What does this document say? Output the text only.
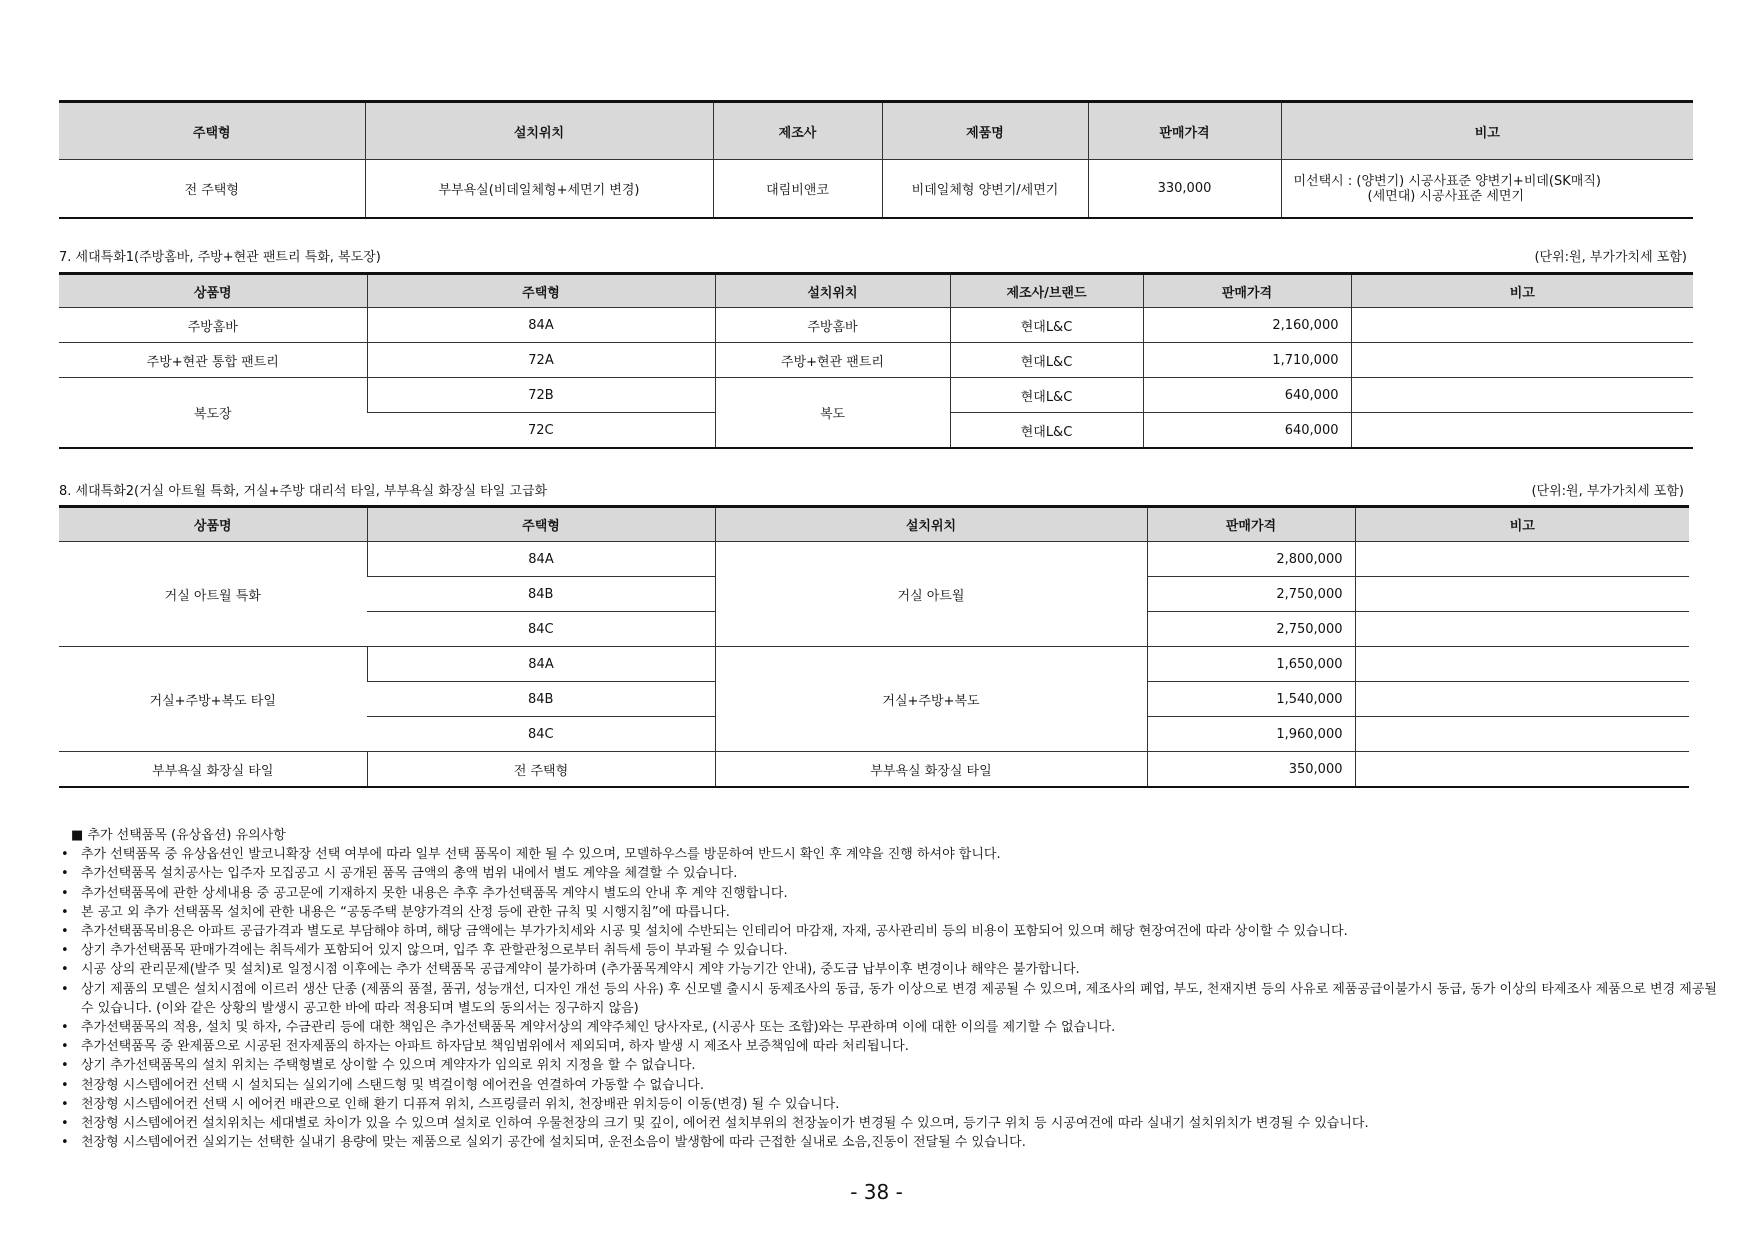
주택형	설치위치	제조사	제품명	판매가격	비고
전 주택형	부부욕실(비데일체형+세면기 변경)	대림비앤코	비데일체형 양변기/세면기	330,000	미선택시 : (양변기) 시공사표준 양변기+비데(SK매직)
(세면대) 시공사표준 세면기
7. 세대특화1(주방홈바, 주방+현관 팬트리 특화, 복도장)	(단위:원, 부가가치세 포함)
상품명	주택형	설치위치	제조사/브랜드	판매가격	비고
주방홈바	84A	주방홈바	현대L&C	2,160,000	
주방+현관 통합 팬트리	72A	주방+현관 팬트리	현대L&C	1,710,000	
복도장	72B	복도	현대L&C	640,000	
	72C		현대L&C	640,000	
8. 세대특화2(거실 아트월 특화, 거실+주방 대리석 타일, 부부욕실 화장실 타일 고급화	(단위:원, 부가가치세 포함)
상품명	주택형	설치위치	판매가격	비고
거실 아트월 특화	84A	거실 아트월	2,800,000	
	84B		2,750,000	
	84C		2,750,000	
거실+주방+복도 타일	84A	거실+주방+복도	1,650,000	
	84B		1,540,000	
	84C		1,960,000	
부부욕실 화장실 타일	전 주택형	부부욕실 화장실 타일	350,000	
■ 추가 선택품목 (유상옵션) 유의사항
• 추가 선택품목 중 유상옵션인 발코니확장 선택 여부에 따라 일부 선택 품목이 제한 될 수 있으며, 모델하우스를 방문하여 반드시 확인 후 계약을 진행 하셔야 합니다.
• 추가선택품목 설치공사는 입주자 모집공고 시 공개된 품목 금액의 총액 범위 내에서 별도 계약을 체결할 수 있습니다.
• 추가선택품목에 관한 상세내용 중 공고문에 기재하지 못한 내용은 추후 추가선택품목 계약시 별도의 안내 후 계약 진행합니다.
• 본 공고 외 추가 선택품목 설치에 관한 내용은 “공동주택 분양가격의 산정 등에 관한 규칙 및 시행지침”에 따릅니다.
• 추가선택품목비용은 아파트 공급가격과 별도로 부담해야 하며, 해당 금액에는 부가가치세와 시공 및 설치에 수반되는 인테리어 마감재, 자재, 공사관리비 등의 비용이 포함되어 있으며 해당 현장여건에 따라 상이할 수 있습니다.
• 상기 추가선택품목 판매가격에는 취득세가 포함되어 있지 않으며, 입주 후 관할관청으로부터 취득세 등이 부과될 수 있습니다.
• 시공 상의 관리문제(발주 및 설치)로 일정시점 이후에는 추가 선택품목 공급계약이 불가하며 (추가품목계약시 계약 가능기간 안내), 중도금 납부이후 변경이나 해약은 불가합니다.
• 상기 제품의 모델은 설치시점에 이르러 생산 단종 (제품의 품절, 품귀, 성능개선, 디자인 개선 등의 사유) 후 신모델 출시시 동제조사의 동급, 동가 이상으로 변경 제공될 수 있으며, 제조사의 폐업, 부도, 천재지변 등의 사유로 제품공급이불가시 동급, 동가 이상의 타제조사 제품으로 변경 제공될 수 있습니다. (이와 같은 상황의 발생시 공고한 바에 따라 적용되며 별도의 동의서는 징구하지 않음)
• 추가선택품목의 적용, 설치 및 하자, 수금관리 등에 대한 책임은 추가선택품목 계약서상의 계약주체인 당사자로, (시공사 또는 조합)와는 무관하며 이에 대한 이의를 제기할 수 없습니다.
• 추가선택품목 중 완제품으로 시공된 전자제품의 하자는 아파트 하자담보 책임범위에서 제외되며, 하자 발생 시 제조사 보증책임에 따라 처리됩니다.
• 상기 추가선택품목의 설치 위치는 주택형별로 상이할 수 있으며 계약자가 임의로 위치 지정을 할 수 없습니다.
• 천장형 시스템에어컨 선택 시 설치되는 실외기에 스탠드형 및 벽걸이형 에어컨을 연결하여 가동할 수 없습니다.
• 천장형 시스템에어컨 선택 시 에어컨 배관으로 인해 환기 디퓨져 위치, 스프링클러 위치, 천장배관 위치등이 이동(변경) 될 수 있습니다.
• 천장형 시스템에어컨 설치위치는 세대별로 차이가 있을 수 있으며 설치로 인하여 우물천장의 크기 및 깊이, 에어컨 설치부위의 천장높이가 변경될 수 있으며, 등기구 위치 등 시공여건에 따라 실내기 설치위치가 변경될 수 있습니다.
• 천장형 시스템에어컨 실외기는 선택한 실내기 용량에 맞는 제품으로 실외기 공간에 설치되며, 운전소음이 발생함에 따라 근접한 실내로 소음,진동이 전달될 수 있습니다.
- 38 -
